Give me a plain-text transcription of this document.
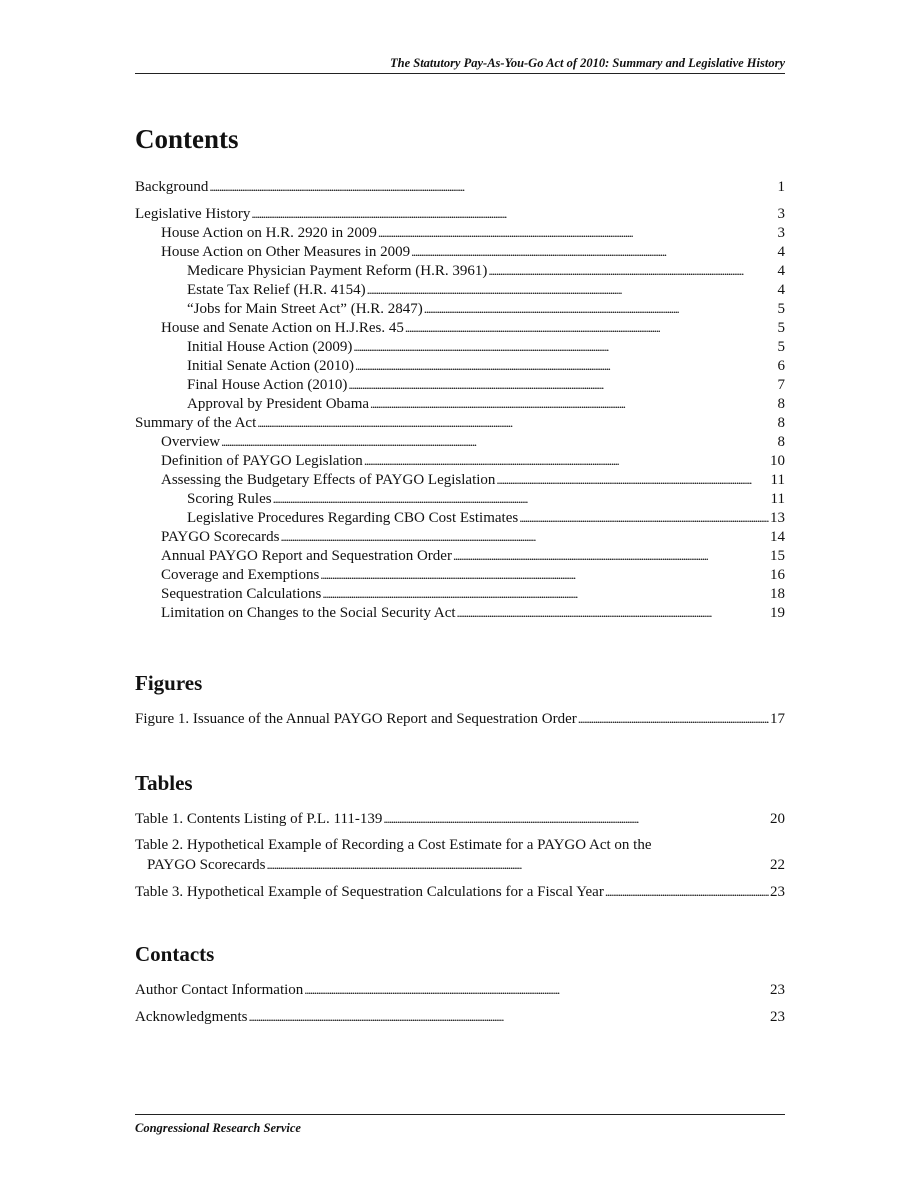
The Statutory Pay-As-You-Go Act of 2010: Summary and Legislative History
Contents
Background . . .	1
Legislative History . . .	3
House Action on H.R. 2920 in 2009 . . .	3
House Action on Other Measures in 2009 . . .	4
Medicare Physician Payment Reform (H.R. 3961) . . .	4
Estate Tax Relief (H.R. 4154) . . .	4
“Jobs for Main Street Act” (H.R. 2847) . . .	5
House and Senate Action on H.J.Res. 45 . . .	5
Initial House Action (2009) . . .	5
Initial Senate Action (2010) . . .	6
Final House Action (2010) . . .	7
Approval by President Obama . . .	8
Summary of the Act . . .	8
Overview . . .	8
Definition of PAYGO Legislation . . .	10
Assessing the Budgetary Effects of PAYGO Legislation . . .	11
Scoring Rules . . .	11
Legislative Procedures Regarding CBO Cost Estimates . . .	13
PAYGO Scorecards . . .	14
Annual PAYGO Report and Sequestration Order . . .	15
Coverage and Exemptions . . .	16
Sequestration Calculations . . .	18
Limitation on Changes to the Social Security Act . . .	19
Figures
Figure 1. Issuance of the Annual PAYGO Report and Sequestration Order . . .	17
Tables
Table 1. Contents Listing of P.L. 111-139 . . .	20
Table 2. Hypothetical Example of Recording a Cost Estimate for a PAYGO Act on the
PAYGO Scorecards . . .	22
Table 3. Hypothetical Example of Sequestration Calculations for a Fiscal Year . . .	23
Contacts
Author Contact Information . . .	23
Acknowledgments . . .	23
Congressional Research Service
